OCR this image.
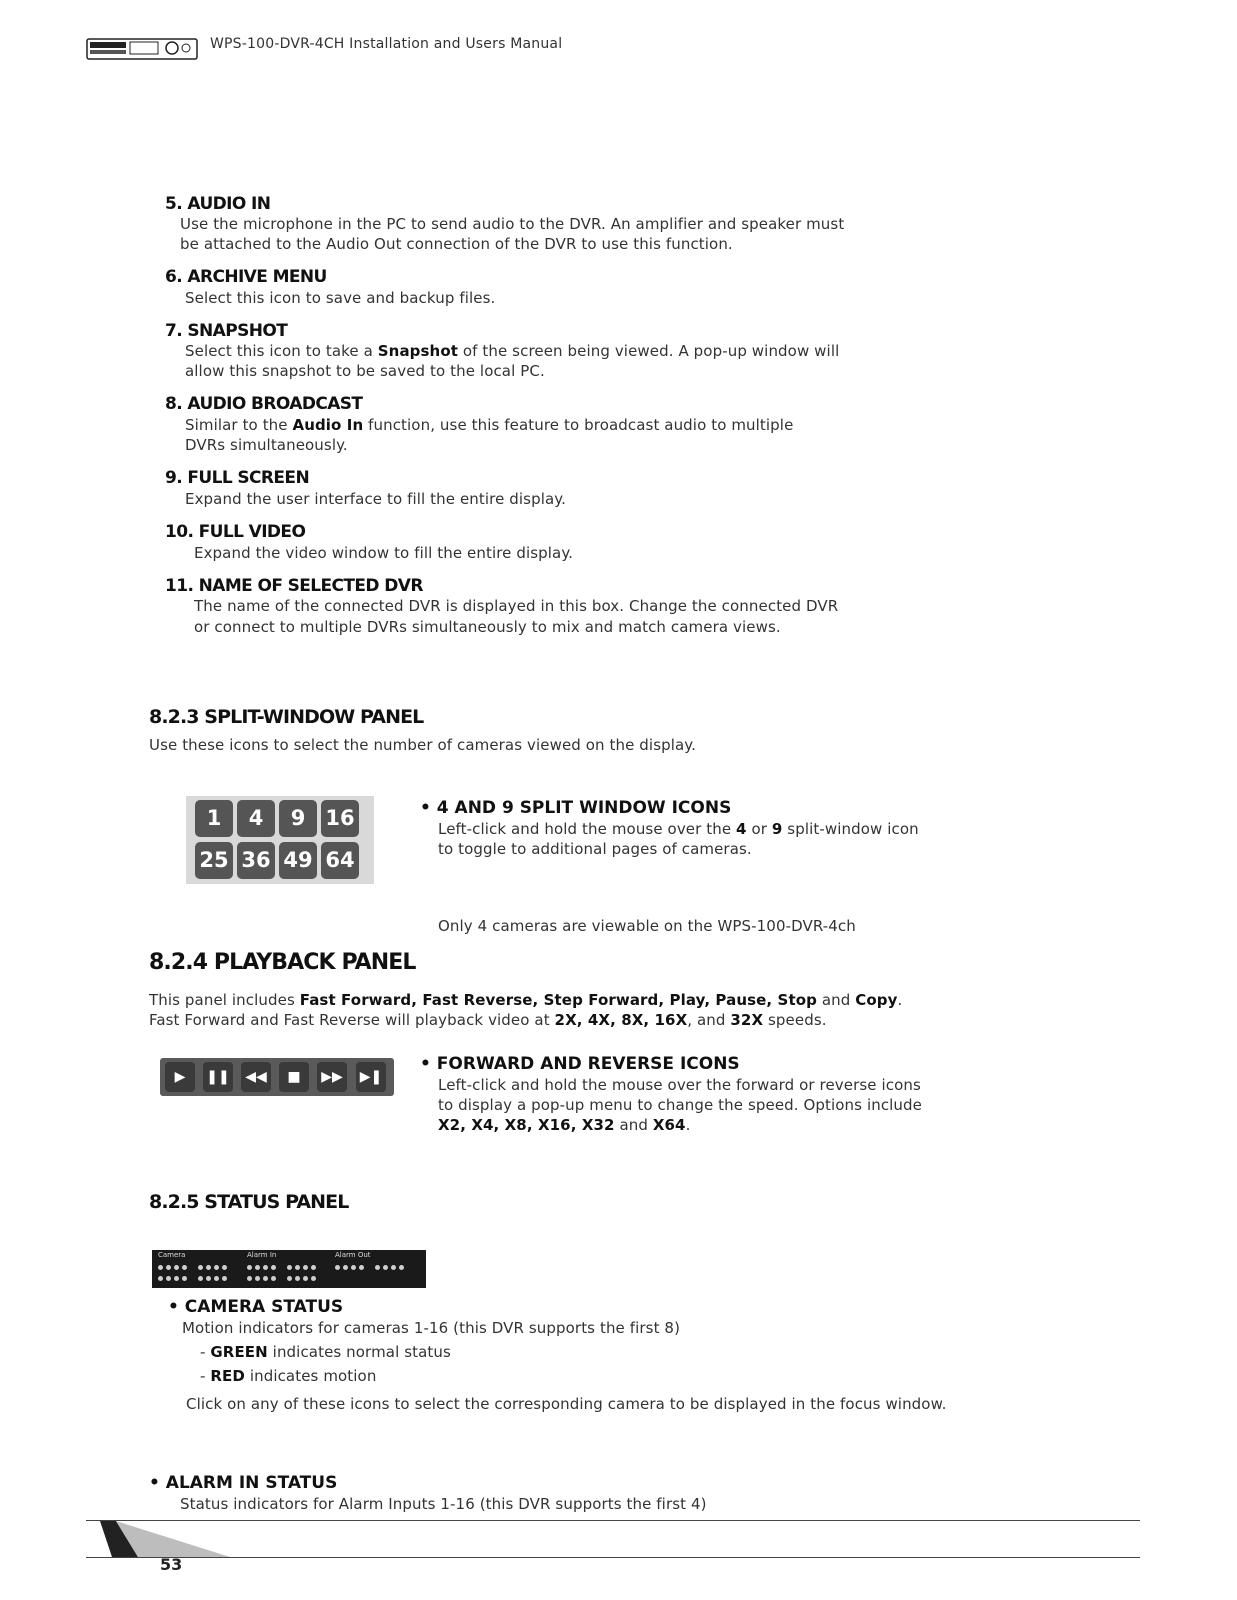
WPS-100-DVR-4CH Installation and Users Manual
5. AUDIO IN
Use the microphone in the PC to send audio to the DVR. An amplifier and speaker must
be attached to the Audio Out connection of the DVR to use this function.
6. ARCHIVE MENU
Select this icon to save and backup files.
7. SNAPSHOT
Select this icon to take a Snapshot of the screen being viewed. A pop-up window will
allow this snapshot to be saved to the local PC.
8. AUDIO BROADCAST
Similar to the Audio In function, use this feature to broadcast audio to multiple
DVRs simultaneously.
9. FULL SCREEN
Expand the user interface to fill the entire display.
10. FULL VIDEO
Expand the video window to fill the entire display.
11. NAME OF SELECTED DVR
The name of the connected DVR is displayed in this box. Change the connected DVR
or connect to multiple DVRs simultaneously to mix and match camera views.
8.2.3 SPLIT-WINDOW PANEL
Use these icons to select the number of cameras viewed on the display.
1	4	9 16
25 36 49 64
• 4 AND 9 SPLIT WINDOW ICONS
Left-click and hold the mouse over the 4 or 9 split-window icon
to toggle to additional pages of cameras.
Only 4 cameras are viewable on the WPS-100-DVR-4ch
8.2.4 PLAYBACK PANEL
This panel includes Fast Forward, Fast Reverse, Step Forward, Play, Pause, Stop and Copy.
Fast Forward and Fast Reverse will playback video at 2X, 4X, 8X, 16X, and 32X speeds.
▶	❚❚	◀◀	■	▶▶	▶❚
• FORWARD AND REVERSE ICONS
Left-click and hold the mouse over the forward or reverse icons
to display a pop-up menu to change the speed. Options include
X2, X4, X8, X16, X32 and X64.
8.2.5 STATUS PANEL
Camera	Alarm In	Alarm Out
• CAMERA STATUS
Motion indicators for cameras 1-16 (this DVR supports the first 8)
- GREEN indicates normal status
- RED indicates motion
Click on any of these icons to select the corresponding camera to be displayed in the focus window.
• ALARM IN STATUS
Status indicators for Alarm Inputs 1-16 (this DVR supports the first 4)
53
